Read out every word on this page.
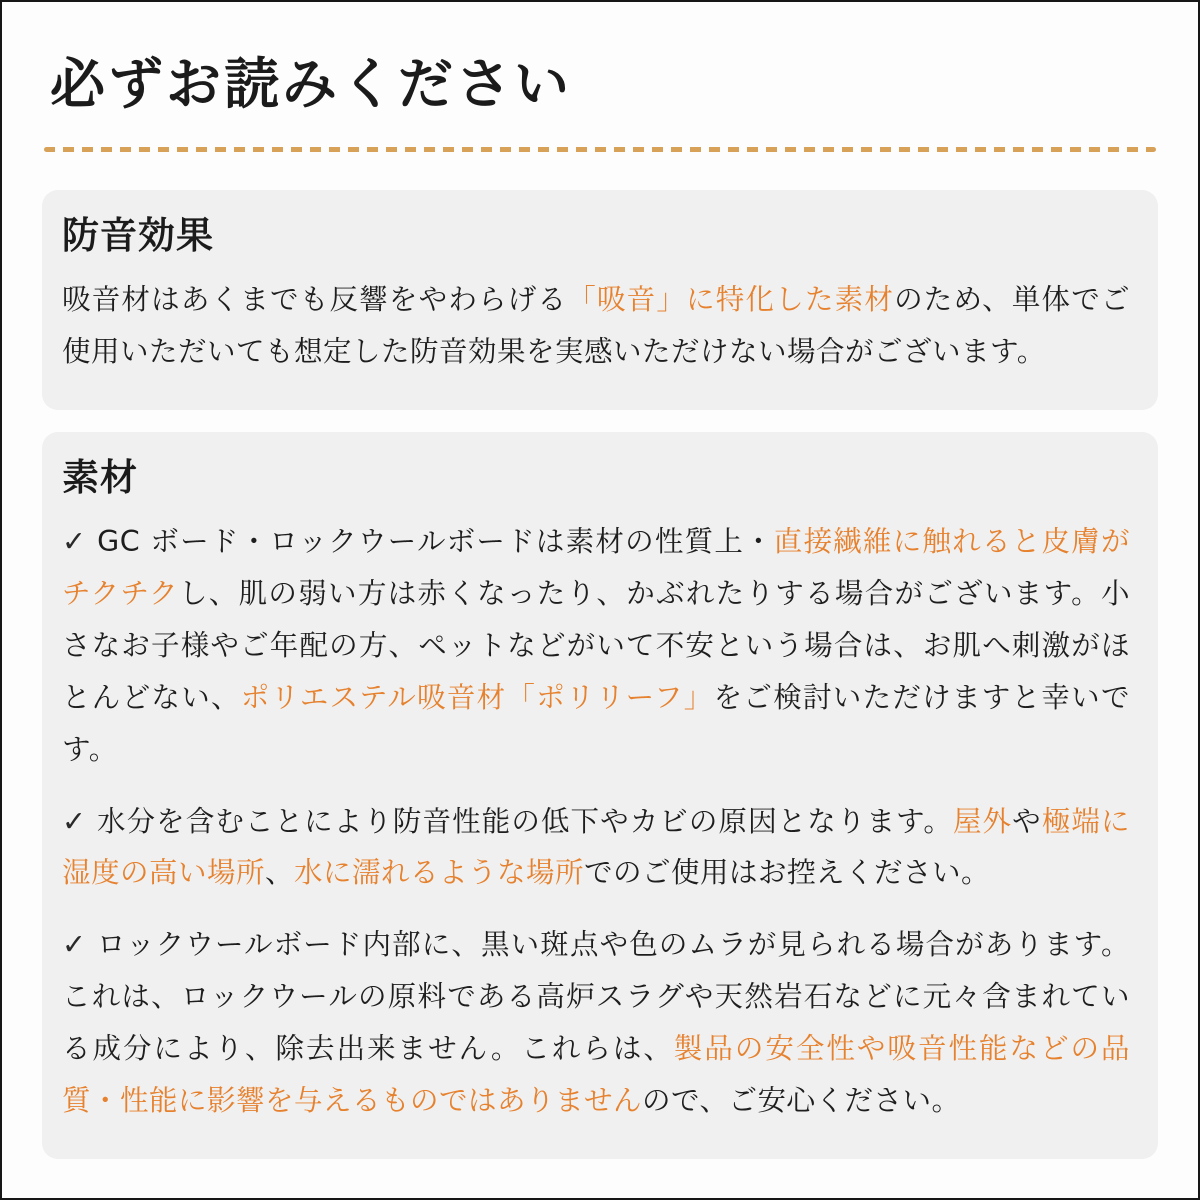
必ずお読みください
防音効果

吸音材はあくまでも反響をやわらげる「吸音」に特化した素材のため、単体でご使用いただいても想定した防音効果を実感いただけない場合がございます。

素材

✓ GC ボード・ロックウールボードは素材の性質上・直接繊維に触れると皮膚がチクチクし、肌の弱い方は赤くなったり、かぶれたりする場合がございます。小さなお子様やご年配の方、ペットなどがいて不安という場合は、お肌へ刺激がほとんどない、ポリエステル吸音材「ポリリーフ」をご検討いただけますと幸いです。

✓ 水分を含むことにより防音性能の低下やカビの原因となります。屋外や極端に湿度の高い場所、水に濡れるような場所でのご使用はお控えください。

✓ ロックウールボード内部に、黒い斑点や色のムラが見られる場合があります。これは、ロックウールの原料である高炉スラグや天然岩石などに元々含まれている成分により、除去出来ません。これらは、製品の安全性や吸音性能などの品質・性能に影響を与えるものではありませんので、ご安心ください。
